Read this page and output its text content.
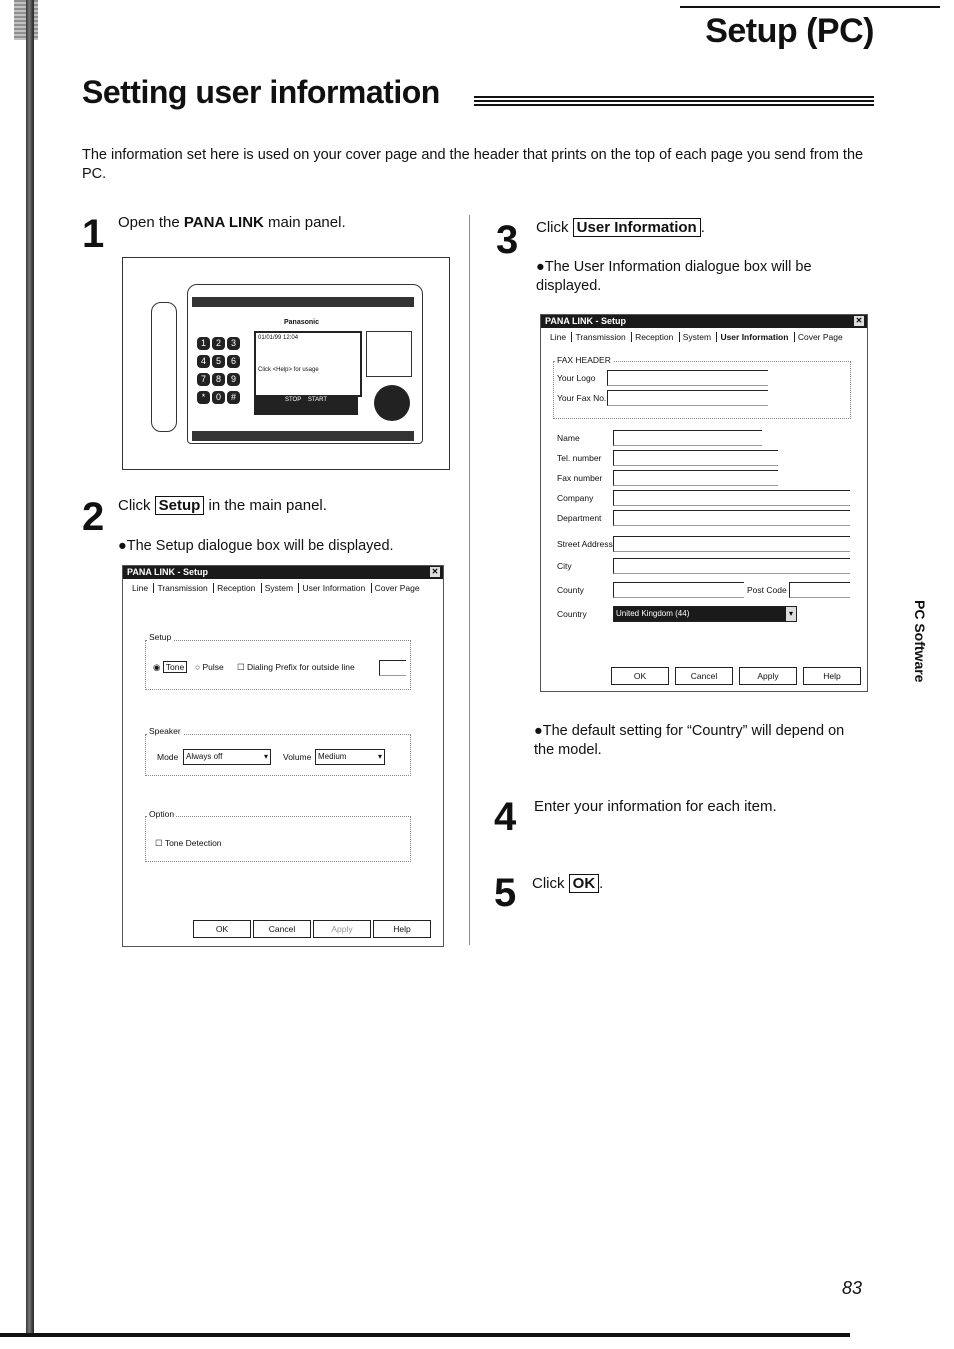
Setup (PC)
Setting user information
The information set here is used on your cover page and the header that prints on the top of each page you send from the PC.
1 Open the PANA LINK main panel.
Panasonic
1 2 3 4 5 6 7 8 9 * 0 #
01/01/99 12:04
Click <Help> for usage
STOP START
2 Click Setup in the main panel.
●The Setup dialogue box will be displayed.
PANA LINK - Setup	✕
Line Transmission Reception System User Information Cover Page
Setup
◉ Tone	○ Pulse ☐ Dialing Prefix for outside line
Speaker
Mode Always off	▾ Volume Medium	▾
Option
☐ Tone Detection
OK	Cancel	Apply	Help
3 Click User Information .
●The User Information dialogue box will be displayed.
PANA LINK - Setup	✕
Line Transmission Reception System User Information Cover Page
FAX HEADER
Your Logo
Your Fax No.
Name
Tel. number
Fax number
Company
Department
Street Address
City
County	Post Code
Country	United Kingdom (44)	▾
OK	Cancel	Apply	Help
●The default setting for “Country” will depend on the model.
4 Enter your information for each item.
5 Click OK .
PC Software
83
